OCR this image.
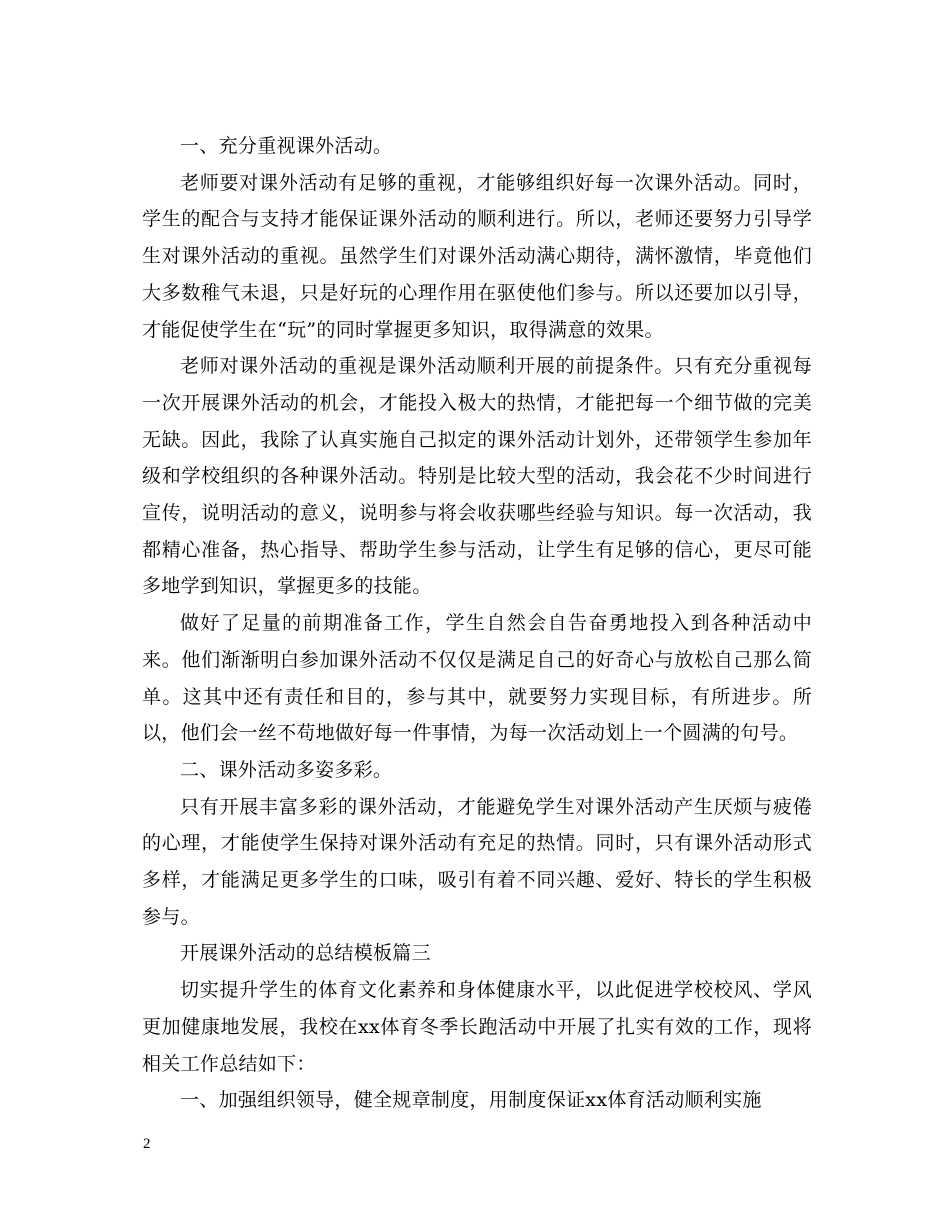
一、充分重视课外活动。

老师要对课外活动有足够的重视，才能够组织好每一次课外活动。同时，学生的配合与支持才能保证课外活动的顺利进行。所以，老师还要努力引导学生对课外活动的重视。虽然学生们对课外活动满心期待，满怀激情，毕竟他们大多数稚气未退，只是好玩的心理作用在驱使他们参与。所以还要加以引导，才能促使学生在“玩”的同时掌握更多知识，取得满意的效果。

老师对课外活动的重视是课外活动顺利开展的前提条件。只有充分重视每一次开展课外活动的机会，才能投入极大的热情，才能把每一个细节做的完美无缺。因此，我除了认真实施自己拟定的课外活动计划外，还带领学生参加年级和学校组织的各种课外活动。特别是比较大型的活动，我会花不少时间进行宣传，说明活动的意义，说明参与将会收获哪些经验与知识。每一次活动，我都精心准备，热心指导、帮助学生参与活动，让学生有足够的信心，更尽可能多地学到知识，掌握更多的技能。

做好了足量的前期准备工作，学生自然会自告奋勇地投入到各种活动中来。他们渐渐明白参加课外活动不仅仅是满足自己的好奇心与放松自己那么简单。这其中还有责任和目的，参与其中，就要努力实现目标，有所进步。所以，他们会一丝不苟地做好每一件事情，为每一次活动划上一个圆满的句号。

二、课外活动多姿多彩。

只有开展丰富多彩的课外活动，才能避免学生对课外活动产生厌烦与疲倦的心理，才能使学生保持对课外活动有充足的热情。同时，只有课外活动形式多样，才能满足更多学生的口味，吸引有着不同兴趣、爱好、特长的学生积极参与。

开展课外活动的总结模板篇三

切实提升学生的体育文化素养和身体健康水平，以此促进学校校风、学风更加健康地发展，我校在xx体育冬季长跑活动中开展了扎实有效的工作，现将相关工作总结如下：

一、加强组织领导，健全规章制度，用制度保证xx体育活动顺利实施

2
